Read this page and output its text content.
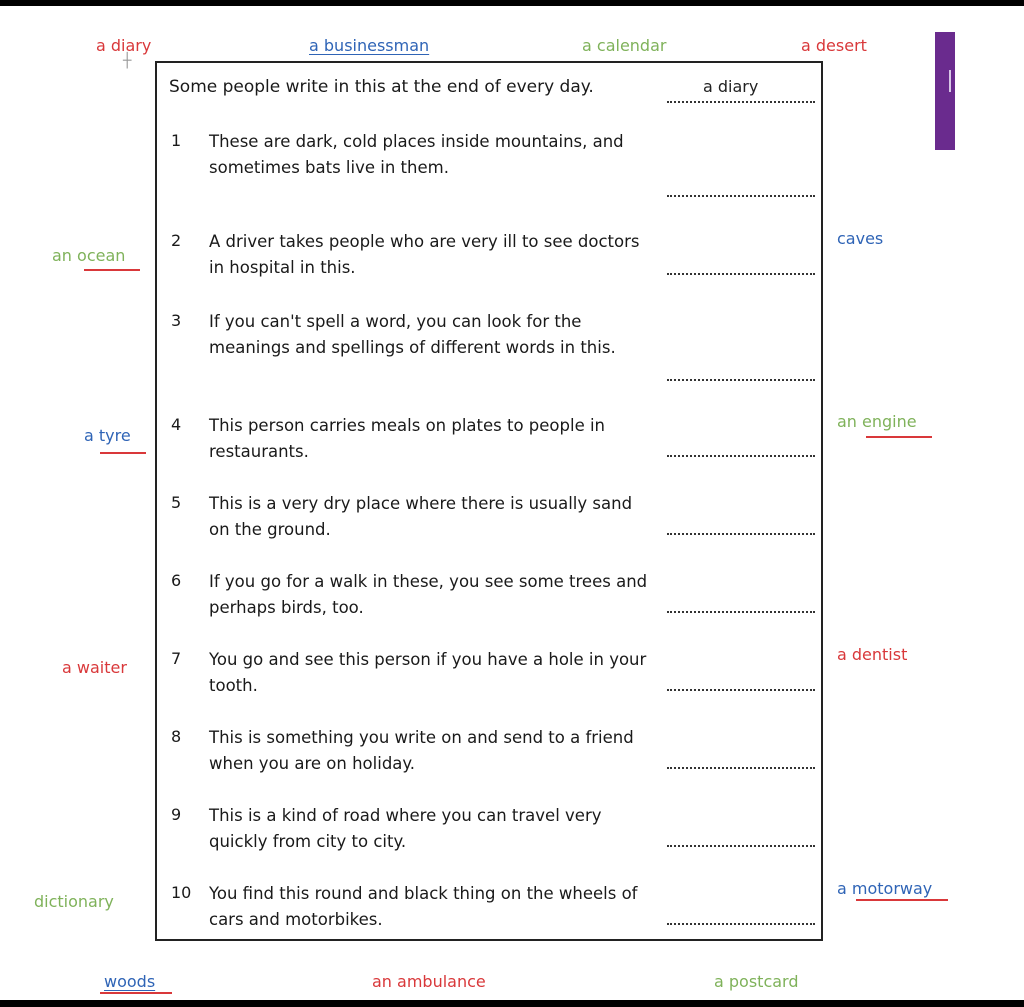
a diary	a businessman	a calendar	a desert
┼
an ocean
a tyre
a waiter
dictionary
caves
an engine
a dentist
a motorway
woods	an ambulance	a postcard
Some people write in this at the end of every day.	a diary
1	These are dark, cold places inside mountains, and sometimes bats live in them.
2	A driver takes people who are very ill to see doctors in hospital in this.
3	If you can't spell a word, you can look for the meanings and spellings of different words in this.
4	This person carries meals on plates to people in restaurants.
5	This is a very dry place where there is usually sand on the ground.
6	If you go for a walk in these, you see some trees and perhaps birds, too.
7	You go and see this person if you have a hole in your tooth.
8	This is something you write on and send to a friend when you are on holiday.
9	This is a kind of road where you can travel very quickly from city to city.
10	You find this round and black thing on the wheels of cars and motorbikes.
